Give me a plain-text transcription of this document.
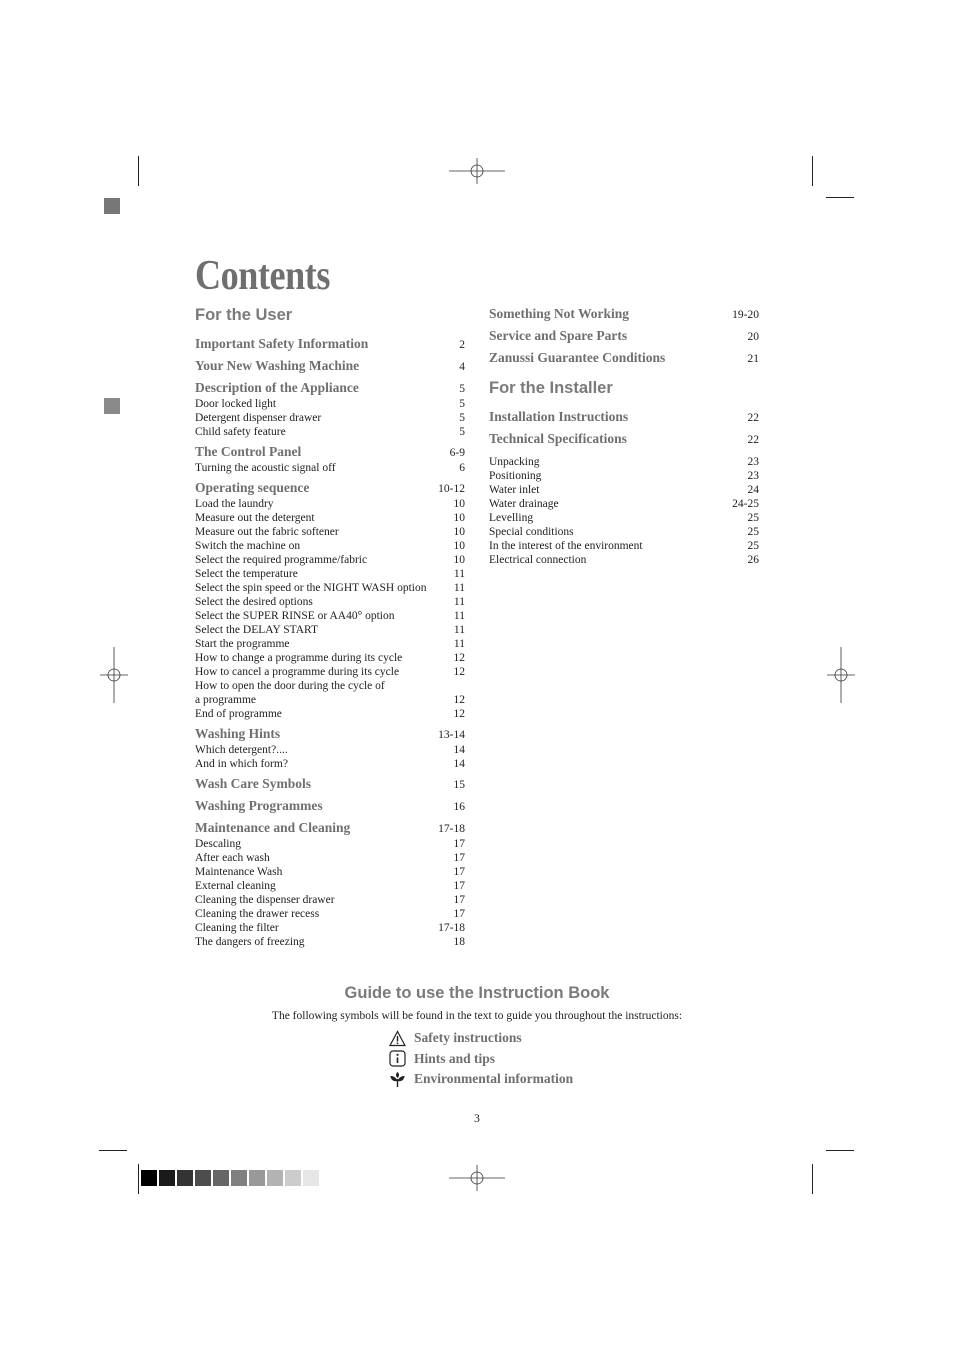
Contents
For the User
Important Safety Information	2
Your New Washing Machine	4
Description of the Appliance	5
Door locked light	5
Detergent dispenser drawer	5
Child safety feature	5
The Control Panel	6-9
Turning the acoustic signal off	6
Operating sequence	10-12
Load the laundry	10
Measure out the detergent	10
Measure out the fabric softener	10
Switch the machine on	10
Select the required programme/fabric	10
Select the temperature	11
Select the spin speed or the NIGHT WASH option 11
Select the desired options	11
Select the SUPER RINSE or AA40° option	11
Select the DELAY START	11
Start the programme	11
How to change a programme during its cycle	12
How to cancel a programme during its cycle	12
How to open the door during the cycle of
a programme	12
End of programme	12
Washing Hints	13-14
Which detergent?....	14
And in which form?	14
Wash Care Symbols	15
Washing Programmes	16
Maintenance and Cleaning	17-18
Descaling	17
After each wash	17
Maintenance Wash	17
External cleaning	17
Cleaning the dispenser drawer	17
Cleaning the drawer recess	17
Cleaning the filter	17-18
The dangers of freezing	18
Something Not Working	19-20
Service and Spare Parts	20
Zanussi Guarantee Conditions	21
For the Installer
Installation Instructions	22
Technical Specifications	22
Unpacking	23
Positioning	23
Water inlet	24
Water drainage	24-25
Levelling	25
Special conditions	25
In the interest of the environment	25
Electrical connection	26
Guide to use the Instruction Book
The following symbols will be found in the text to guide you throughout the instructions:
Safety instructions
Hints and tips
Environmental information
3
